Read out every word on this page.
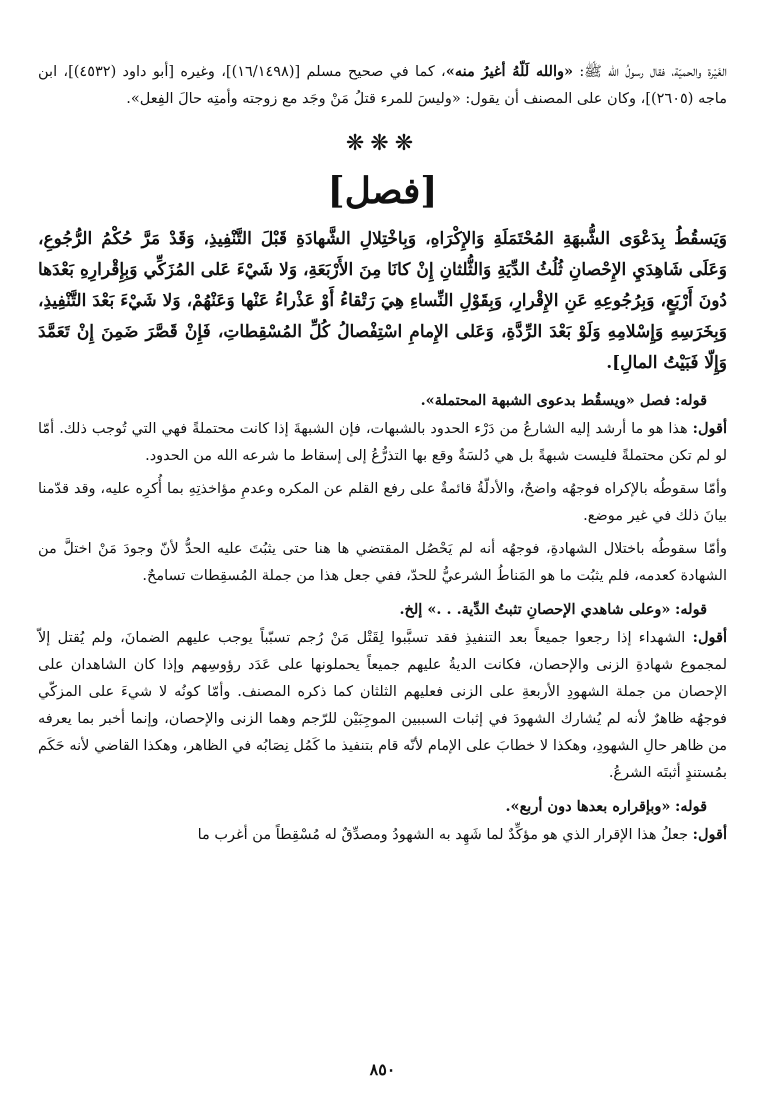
الغَيْرة والحميّة، فقال رسولُ الله ﷺ: «والله لَلّهُ أغيرُ منه»، كما في صحيح مسلم [(١٦/١٤٩٨)]، وغيره [أبو داود (٤٥٣٢)]، ابن ماجه (٢٦٠٥)]، وكان على المصنف أن يقول: «وليسَ للمرء قتلُ مَنْ وجَد مع زوجته وأمتِه حالَ الفِعل».

❋❋❋
[فصل]

وَيَسقُطُ بِدَعْوَى الشُّبهَةِ المُحْتَمَلَةِ وَالإِكْرَاهِ، وَبِاخْتِلالِ الشَّهادَةِ قَبْلَ التَّنْفِيذِ، وَقَدْ مَرَّ حُكْمُ الرُّجُوعِ، وَعَلَى شَاهِدَيِ الإِحْصانِ ثُلُثُ الدِّيَةِ وَالثُّلثانِ إِنْ كانَا مِنَ الأَرْبَعَةِ، وَلا شَيْءَ عَلى المُزَكِّي وَبِإِقْرارِهِ بَعْدَها دُونَ أَرْبَعٍ، وَبِرُجُوعِهِ عَنِ الإِقْرارِ، وَبِقَوْلِ النِّساءِ هِيَ رَتْقاءُ أَوْ عَذْراءُ عَنْها وَعَنْهُمْ، وَلا شَيْءَ بَعْدَ التَّنْفِيذِ، وَبِخَرَسِهِ وَإِسْلامِهِ وَلَوْ بَعْدَ الرِّدَّةِ، وَعَلى الإِمامِ اسْتِفْصالُ كُلِّ المُسْقِطاتِ، فَإِنْ قَصَّرَ ضَمِنَ إِنْ تَعَمَّدَ وَإِلّا فَبَيْتُ المالِ].

قوله: فصل «ويسقُط بدعوى الشبهة المحتملة».

أقول: هذا هو ما أرشد إليه الشارعُ من دَرْء الحدود بالشبهات، فإن الشبهةَ إذا كانت محتملةً فهي التي تُوجب ذلك. أمّا لو لم تكن محتملةً فليست شبهةً بل هي دُلسَةٌ وقع بها التذرُّعُ إلى إسقاط ما شرعه الله من الحدود.

وأمّا سقوطُه بالإكراه فوجهُه واضحٌ، والأدلّةُ قائمةٌ على رفع القلم عن المكره وعدمِ مؤاخذتِهِ بما أُكرِه عليه، وقد قدّمنا بيانَ ذلك في غير موضع.

وأمّا سقوطُه باختلال الشهادةِ، فوجهُه أنه لم يَحْصُل المقتضي ها هنا حتى يثبُتَ عليه الحدُّ لأنّ وجودَ مَنْ اختلَّ من الشهادة كعدمه، فلم يثبُت ما هو المَناطُ الشرعيُّ للحدّ، ففي جعل هذا من جملة المُسقِطات تسامحٌ.

قوله: «وعلى شاهدي الإحصانِ تثبتُ الدِّية. . .» إلخ.

أقول: الشهداء إذا رجعوا جميعاً بعد التنفيذِ فقد تسبَّبوا لِقَتْل مَنْ رُجم تسبّباً يوجب عليهم الضمانَ، ولم يُقتل إلاّ لمجموع شهادةِ الزنى والإحصان، فكانت الديةُ عليهم جميعاً يحملونها على عَدَد رؤوسِهم وإذا كان الشاهدان على الإحصان من جملة الشهودِ الأربعةِ على الزنى فعليهم الثلثان كما ذكره المصنف. وأمّا كونُه لا شيءَ على المزكّي فوجهُه ظاهرٌ لأنه لم يُشارك الشهودَ في إثبات السببين الموجِبَيْن للرّجم وهما الزنى والإحصان، وإنما أخبر بما يعرفه من ظاهر حالِ الشهودِ، وهكذا لا خطابَ على الإمام لأنّه قام بتنفيذ ما كَمُل نِصَابُه في الظاهر، وهكذا القاضي لأنه حَكَم بمُستندٍ أثبتَه الشرعُ.

قوله: «وبإقراره بعدها دون أربع».

أقول: جعلُ هذا الإقرار الذي هو مؤكِّدٌ لما شَهِد به الشهودُ ومصدِّقٌ له مُسْقِطاً من أغرب ما

٨٥٠
